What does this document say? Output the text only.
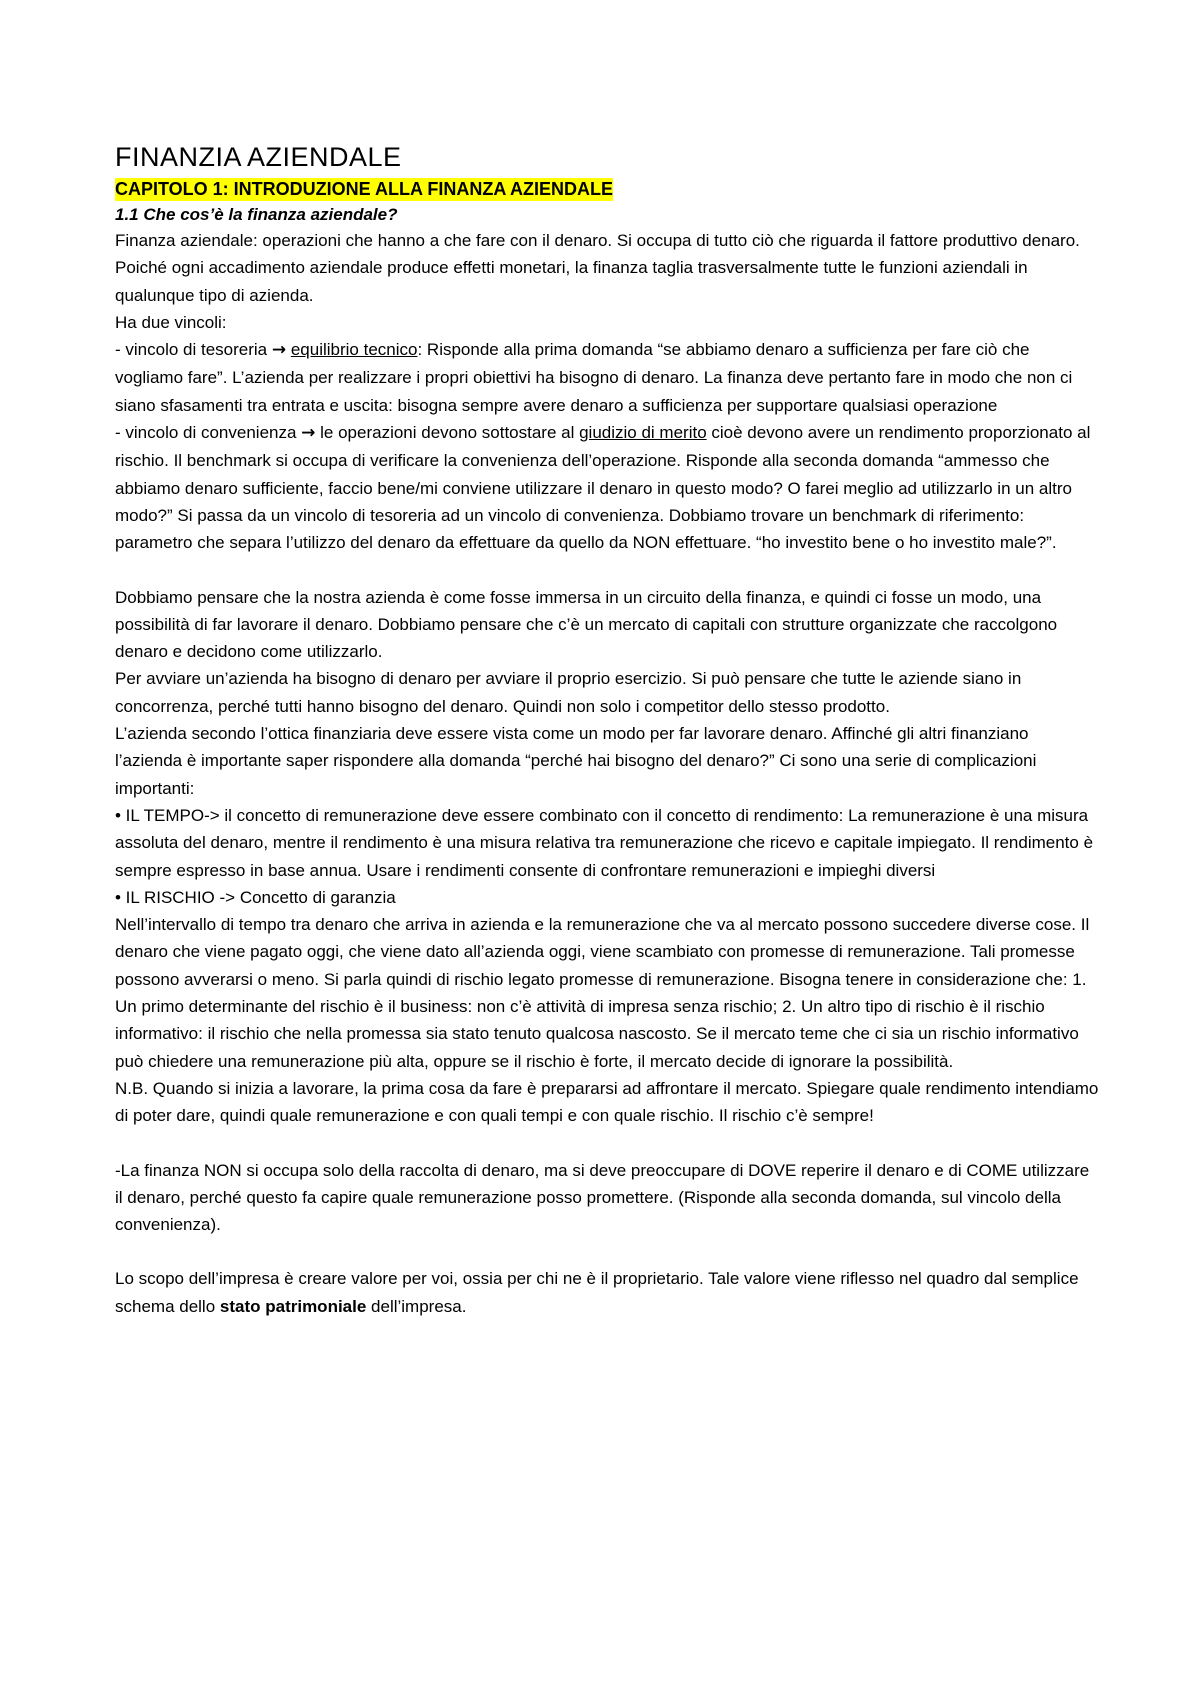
FINANZIA AZIENDALE
CAPITOLO 1: INTRODUZIONE ALLA FINANZA AZIENDALE

1.1 Che cos’è la finanza aziendale?

Finanza aziendale: operazioni che hanno a che fare con il denaro. Si occupa di tutto ciò che riguarda il fattore produttivo denaro. Poiché ogni accadimento aziendale produce effetti monetari, la finanza taglia trasversalmente tutte le funzioni aziendali in qualunque tipo di azienda.

Ha due vincoli:

- vincolo di tesoreria → equilibrio tecnico: Risponde alla prima domanda “se abbiamo denaro a sufficienza per fare ciò che vogliamo fare”. L’azienda per realizzare i propri obiettivi ha bisogno di denaro. La finanza deve pertanto fare in modo che non ci siano sfasamenti tra entrata e uscita: bisogna sempre avere denaro a sufficienza per supportare qualsiasi operazione

- vincolo di convenienza → le operazioni devono sottostare al giudizio di merito cioè devono avere un rendimento proporzionato al rischio. Il benchmark si occupa di verificare la convenienza dell’operazione. Risponde alla seconda domanda “ammesso che abbiamo denaro sufficiente, faccio bene/mi conviene utilizzare il denaro in questo modo? O farei meglio ad utilizzarlo in un altro modo?” Si passa da un vincolo di tesoreria ad un vincolo di convenienza. Dobbiamo trovare un benchmark di riferimento: parametro che separa l’utilizzo del denaro da effettuare da quello da NON effettuare. “ho investito bene o ho investito male?”.

Dobbiamo pensare che la nostra azienda è come fosse immersa in un circuito della finanza, e quindi ci fosse un modo, una possibilità di far lavorare il denaro. Dobbiamo pensare che c’è un mercato di capitali con strutture organizzate che raccolgono denaro e decidono come utilizzarlo.

Per avviare un’azienda ha bisogno di denaro per avviare il proprio esercizio. Si può pensare che tutte le aziende siano in concorrenza, perché tutti hanno bisogno del denaro. Quindi non solo i competitor dello stesso prodotto.

L’azienda secondo l’ottica finanziaria deve essere vista come un modo per far lavorare denaro. Affinché gli altri finanziano l’azienda è importante saper rispondere alla domanda “perché hai bisogno del denaro?” Ci sono una serie di complicazioni importanti:

• IL TEMPO-> il concetto di remunerazione deve essere combinato con il concetto di rendimento: La remunerazione è una misura assoluta del denaro, mentre il rendimento è una misura relativa tra remunerazione che ricevo e capitale impiegato. Il rendimento è sempre espresso in base annua. Usare i rendimenti consente di confrontare remunerazioni e impieghi diversi

• IL RISCHIO -> Concetto di garanzia

Nell’intervallo di tempo tra denaro che arriva in azienda e la remunerazione che va al mercato possono succedere diverse cose. Il denaro che viene pagato oggi, che viene dato all’azienda oggi, viene scambiato con promesse di remunerazione. Tali promesse possono avverarsi o meno. Si parla quindi di rischio legato promesse di remunerazione. Bisogna tenere in considerazione che: 1. Un primo determinante del rischio è il business: non c’è attività di impresa senza rischio; 2. Un altro tipo di rischio è il rischio informativo: il rischio che nella promessa sia stato tenuto qualcosa nascosto. Se il mercato teme che ci sia un rischio informativo può chiedere una remunerazione più alta, oppure se il rischio è forte, il mercato decide di ignorare la possibilità.

N.B. Quando si inizia a lavorare, la prima cosa da fare è prepararsi ad affrontare il mercato. Spiegare quale rendimento intendiamo di poter dare, quindi quale remunerazione e con quali tempi e con quale rischio. Il rischio c’è sempre!

-La finanza NON si occupa solo della raccolta di denaro, ma si deve preoccupare di DOVE reperire il denaro e di COME utilizzare il denaro, perché questo fa capire quale remunerazione posso promettere. (Risponde alla seconda domanda, sul vincolo della convenienza).

Lo scopo dell’impresa è creare valore per voi, ossia per chi ne è il proprietario. Tale valore viene riflesso nel quadro dal semplice schema dello stato patrimoniale dell’impresa.
